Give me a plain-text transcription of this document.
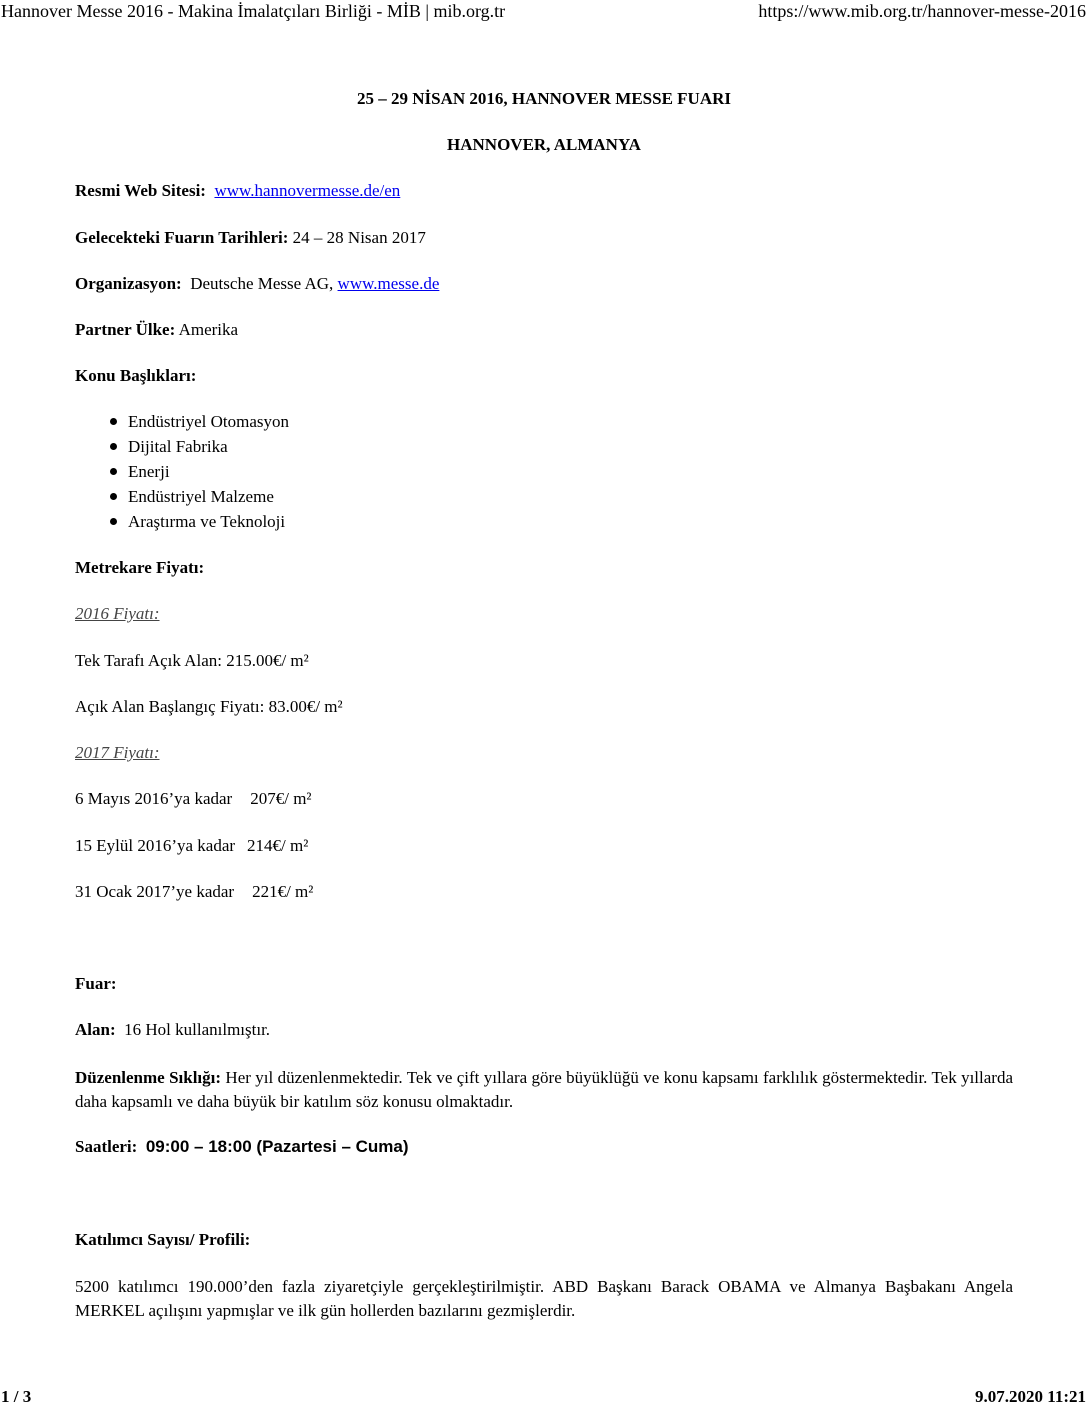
Hannover Messe 2016 - Makina İmalatçıları Birliği - MİB | mib.org.tr	https://www.mib.org.tr/hannover-messe-2016
25 – 29 NİSAN 2016, HANNOVER MESSE FUARI
HANNOVER, ALMANYA
Resmi Web Sitesi: www.hannovermesse.de/en
Gelecekteki Fuarın Tarihleri: 24 – 28 Nisan 2017
Organizasyon: Deutsche Messe AG, www.messe.de
Partner Ülke: Amerika
Konu Başlıkları:
Endüstriyel Otomasyon
Dijital Fabrika
Enerji
Endüstriyel Malzeme
Araştırma ve Teknoloji
Metrekare Fiyatı:
2016 Fiyatı:
Tek Tarafı Açık Alan: 215.00€/ m²
Açık Alan Başlangıç Fiyatı: 83.00€/ m²
2017 Fiyatı:
6 Mayıs 2016’ya kadar 207€/ m²
15 Eylül 2016’ya kadar 214€/ m²
31 Ocak 2017’ye kadar 221€/ m²
Fuar:
Alan: 16 Hol kullanılmıştır.
Düzenlenme Sıklığı: Her yıl düzenlenmektedir. Tek ve çift yıllara göre büyüklüğü ve konu kapsamı farklılık göstermektedir. Tek yıllarda daha kapsamlı ve daha büyük bir katılım söz konusu olmaktadır.
Saatleri: 09:00 – 18:00 (Pazartesi – Cuma)
Katılımcı Sayısı/ Profili:
5200 katılımcı 190.000’den fazla ziyaretçiyle gerçekleştirilmiştir. ABD Başkanı Barack OBAMA ve Almanya Başbakanı Angela MERKEL açılışını yapmışlar ve ilk gün hollerden bazılarını gezmişlerdir.
1 / 3	9.07.2020 11:21
